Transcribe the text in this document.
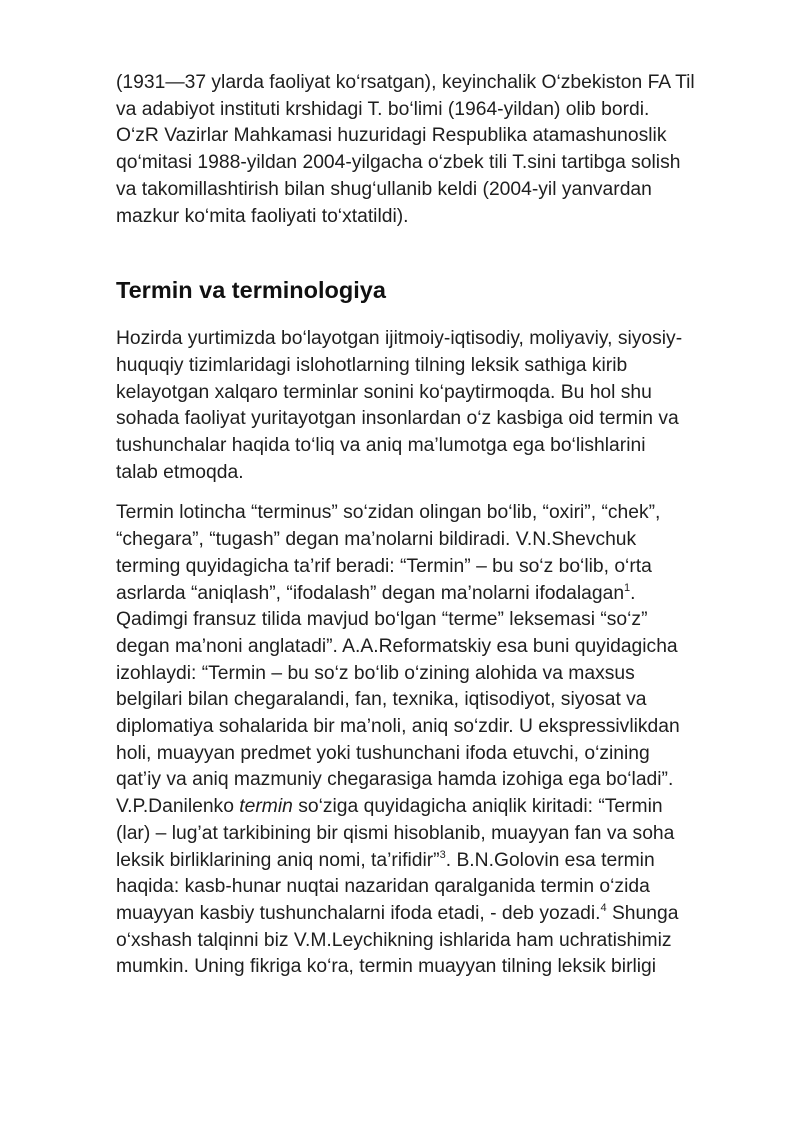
(1931—37 ylarda faoliyat ko‘rsatgan), keyinchalik O‘zbekiston FA Til
va adabiyot instituti krshidagi T. bo‘limi (1964-yildan) olib bordi.
O‘zR Vazirlar Mahkamasi huzuridagi Respublika atamashunoslik
qo‘mitasi 1988-yildan 2004-yilgacha o‘zbek tili T.sini tartibga solish
va takomillashtirish bilan shug‘ullanib keldi (2004-yil yanvardan
mazkur ko‘mita faoliyati to‘xtatildi).

Termin va terminologiya

Hozirda yurtimizda bo‘layotgan ijitmoiy-iqtisodiy, moliyaviy, siyosiy-
huquqiy tizimlaridagi islohotlarning tilning leksik sathiga kirib
kelayotgan xalqaro terminlar sonini ko‘paytirmoqda. Bu hol shu
sohada faoliyat yuritayotgan insonlardan o‘z kasbiga oid termin va
tushunchalar haqida to‘liq va aniq ma’lumotga ega bo‘lishlarini
talab etmoqda.

Termin lotincha “terminus” so‘zidan olingan bo‘lib, “oxiri”, “chek”,
“chegara”, “tugash” degan ma’nolarni bildiradi. V.N.Shevchuk
terming quyidagicha ta’rif beradi: “Termin” – bu so‘z bo‘lib, o‘rta
asrlarda “aniqlash”, “ifodalash” degan ma’nolarni ifodalagan$^1$.
Qadimgi fransuz tilida mavjud bo‘lgan “terme” leksemasi “so‘z”
degan ma’noni anglatadi”. A.A.Reformatskiy esa buni quyidagicha
izohlaydi: “Termin – bu so‘z bo‘lib o‘zining alohida va maxsus
belgilari bilan chegaralandi, fan, texnika, iqtisodiyot, siyosat va
diplomatiya sohalarida bir ma’noli, aniq so‘zdir. U ekspressivlikdan
holi, muayyan predmet yoki tushunchani ifoda etuvchi, o‘zining
qat’iy va aniq mazmuniy chegarasiga hamda izohiga ega bo‘ladi”.
V.P.Danilenko termin so‘ziga quyidagicha aniqlik kiritadi: “Termin
(lar) – lug’at tarkibining bir qismi hisoblanib, muayyan fan va soha
leksik birliklarining aniq nomi, ta’rifidir”$^3$. B.N.Golovin esa termin
haqida: kasb-hunar nuqtai nazaridan qaralganida termin o‘zida
muayyan kasbiy tushunchalarni ifoda etadi, - deb yozadi.$^4$ Shunga
o‘xshash talqinni biz V.M.Leychikning ishlarida ham uchratishimiz
mumkin. Uning fikriga ko‘ra, termin muayyan tilning leksik birligi
